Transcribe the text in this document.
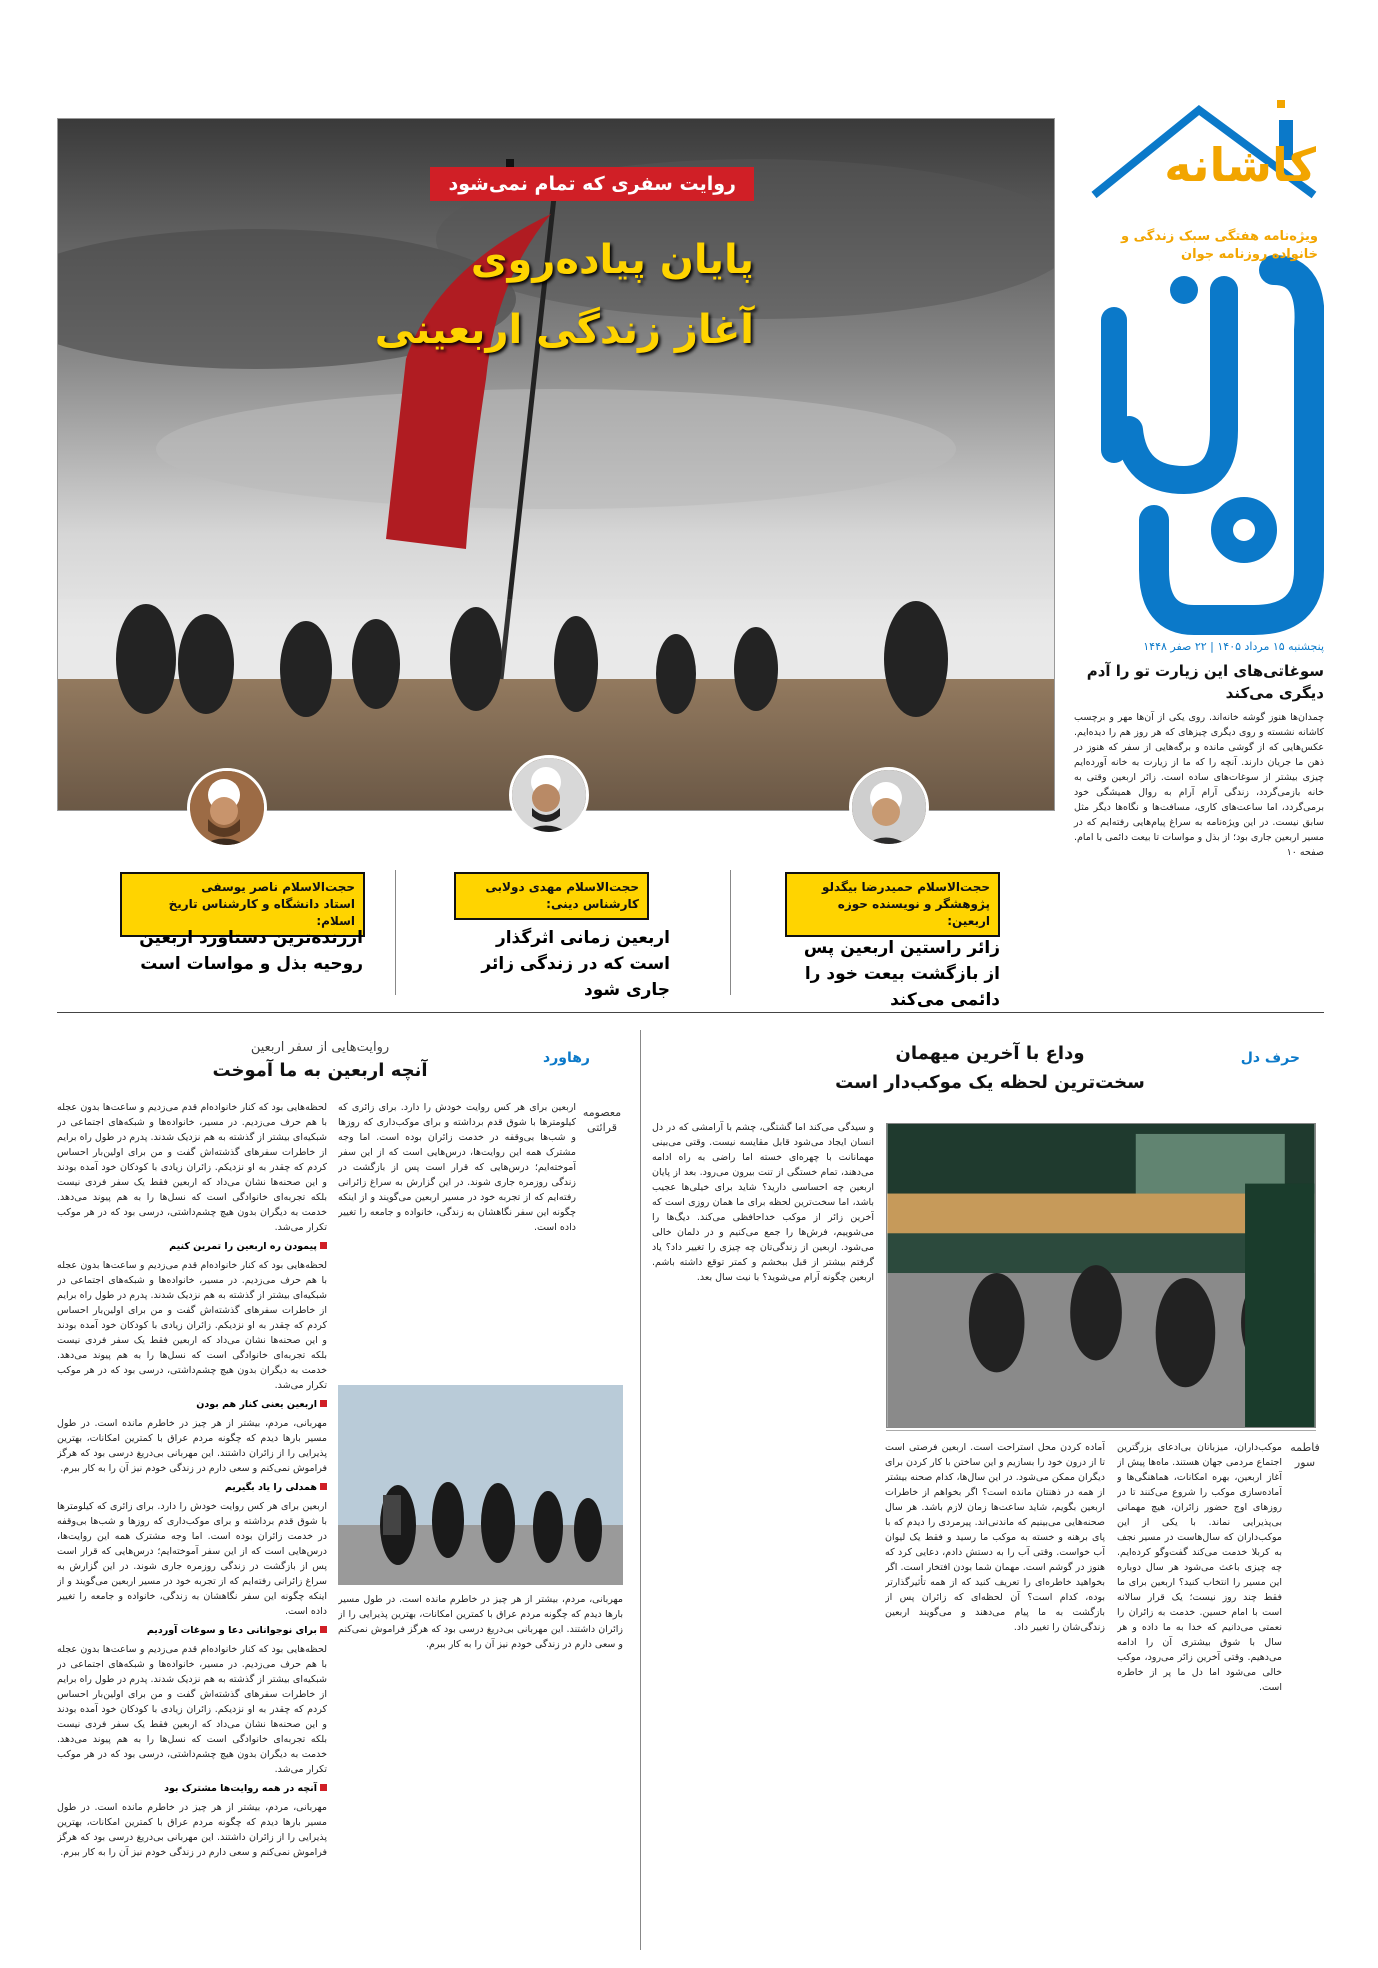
کاشانه
ویژه‌نامه هفتگی سبک زندگی و خانواده روزنامه جوان
پنجشنبه ۱۵ مرداد ۱۴۰۵ | ۲۲ صفر ۱۴۴۸
روایت سفری که تمام نمی‌شود
پایان پیاده‌روی
آغاز زندگی اربعینی
حجت‌الاسلام حمیدرضا بیگدلو
پژوهشگر و نویسنده حوزه اربعین:
حجت‌الاسلام مهدی دولابی
کارشناس دینی:
حجت‌الاسلام ناصر یوسفی
استاد دانشگاه و کارشناس تاریخ اسلام:
زائر راستین اربعین پس از بازگشت بیعت خود را دائمی می‌کند
اربعین زمانی اثرگذار است که در زندگی زائر جاری شود
ارزنده‌ترین دستاورد اربعین روحیه بذل و مواسات است
سوغاتی‌های این زیارت تو را آدم دیگری می‌کند
چمدان‌ها هنوز گوشه خانه‌اند. روی یکی از آن‌ها مهر و برچسب کاشانه نشسته و روی دیگری چیزهای که هر روز هم را دیده‌ایم. عکس‌هایی که از گوشی مانده و برگه‌هایی از سفر که هنوز در ذهن ما جریان دارند. آنچه را که ما از زیارت به خانه آورده‌ایم چیزی بیشتر از سوغات‌های ساده است. زائر اربعین وقتی به خانه بازمی‌گردد، زندگی آرام آرام به روال همیشگی خود برمی‌گردد، اما ساعت‌های کاری، مسافت‌ها و نگاه‌ها دیگر مثل سابق نیست. در این ویژه‌نامه به سراغ پیام‌هایی رفته‌ایم که در مسیر اربعین جاری بود؛ از بذل و مواسات تا بیعت دائمی با امام. صفحه ۱۰
حرف دل
وداع با آخرین میهمان
سخت‌ترین لحظه یک موکب‌دار است
فاطمه سور

موکب‌داران، میزبانان بی‌ادعای بزرگترین اجتماع مردمی جهان هستند. ماه‌ها پیش از آغاز اربعین، بهره امکانات، هماهنگی‌ها و آماده‌سازی موکب را شروع می‌کنند تا در روزهای اوج حضور زائران، هیچ مهمانی بی‌پذیرایی نماند. با یکی از این موکب‌داران که سال‌هاست در مسیر نجف به کربلا خدمت می‌کند گفت‌وگو کرده‌ایم. چه چیزی باعث می‌شود هر سال دوباره این مسیر را انتخاب کنید؟ اربعین برای ما فقط چند روز نیست؛ یک قرار سالانه است با امام حسین. خدمت به زائران را نعمتی می‌دانیم که خدا به ما داده و هر سال با شوق بیشتری آن را ادامه می‌دهیم. وقتی آخرین زائر می‌رود، موکب خالی می‌شود اما دل ما پر از خاطره است.

آماده کردن محل استراحت است. اربعین فرصتی است تا از درون خود را بسازیم و این ساختن با کار کردن برای دیگران ممکن می‌شود. در این سال‌ها، کدام صحنه بیشتر از همه در ذهنتان مانده است؟ اگر بخواهم از خاطرات اربعین بگویم، شاید ساعت‌ها زمان لازم باشد. هر سال صحنه‌هایی می‌بینیم که ماندنی‌اند. پیرمردی را دیدم که با پای برهنه و خسته به موکب ما رسید و فقط یک لیوان آب خواست. وقتی آب را به دستش دادم، دعایی کرد که هنوز در گوشم است. مهمان شما بودن افتخار است. اگر بخواهید خاطره‌ای را تعریف کنید که از همه تأثیرگذارتر بوده، کدام است؟ آن لحظه‌ای که زائران پس از بازگشت به ما پیام می‌دهند و می‌گویند اربعین زندگی‌شان را تغییر داد.

و سیدگی می‌کند اما گشتگی، چشم با آرامشی که در دل انسان ایجاد می‌شود قابل مقایسه نیست. وقتی می‌بینی مهمانانت با چهره‌ای خسته اما راضی به راه ادامه می‌دهند، تمام خستگی از تنت بیرون می‌رود. بعد از پایان اربعین چه احساسی دارید؟ شاید برای خیلی‌ها عجیب باشد، اما سخت‌ترین لحظه برای ما همان روزی است که آخرین زائر از موکب خداحافظی می‌کند. دیگ‌ها را می‌شوییم، فرش‌ها را جمع می‌کنیم و در دلمان خالی می‌شود. اربعین از زندگی‌تان چه چیزی را تغییر داد؟ یاد گرفتم بیشتر از قبل ببخشم و کمتر توقع داشته باشم. اربعین چگونه آرام می‌شوید؟ با نیت سال بعد.

رهاورد
روایت‌هایی از سفر اربعین
آنچه اربعین به ما آموخت
معصومه قرائتی

اربعین برای هر کس روایت خودش را دارد. برای زائری که کیلومترها با شوق قدم برداشته و برای موکب‌داری که روزها و شب‌ها بی‌وقفه در خدمت زائران بوده است. اما وجه مشترک همه این روایت‌ها، درس‌هایی است که از این سفر آموخته‌ایم؛ درس‌هایی که قرار است پس از بازگشت در زندگی روزمره جاری شوند. در این گزارش به سراغ زائرانی رفته‌ایم که از تجربه خود در مسیر اربعین می‌گویند و از اینکه چگونه این سفر نگاهشان به زندگی، خانواده و جامعه را تغییر داده است.

مهربانی، مردم، بیشتر از هر چیز در خاطرم مانده است. در طول مسیر بارها دیدم که چگونه مردم عراق با کمترین امکانات، بهترین پذیرایی را از زائران داشتند. این مهربانی بی‌دریغ درسی بود که هرگز فراموش نمی‌کنم و سعی دارم در زندگی خودم نیز آن را به کار ببرم.

لحظه‌هایی بود که کنار خانواده‌ام قدم می‌زدیم و ساعت‌ها بدون عجله با هم حرف می‌زدیم. در مسیر، خانواده‌ها و شبکه‌های اجتماعی در شبکیه‌ای بیشتر از گذشته به هم نزدیک شدند. پدرم در طول راه برایم از خاطرات سفرهای گذشته‌اش گفت و من برای اولین‌بار احساس کردم که چقدر به او نزدیکم. زائران زیادی با کودکان خود آمده بودند و این صحنه‌ها نشان می‌داد که اربعین فقط یک سفر فردی نیست بلکه تجربه‌ای خانوادگی است که نسل‌ها را به هم پیوند می‌دهد. خدمت به دیگران بدون هیچ چشم‌داشتی، درسی بود که در هر موکب تکرار می‌شد.

پیمودن ره اربعین را تمرین کنیم

لحظه‌هایی بود که کنار خانواده‌ام قدم می‌زدیم و ساعت‌ها بدون عجله با هم حرف می‌زدیم. در مسیر، خانواده‌ها و شبکه‌های اجتماعی در شبکیه‌ای بیشتر از گذشته به هم نزدیک شدند. پدرم در طول راه برایم از خاطرات سفرهای گذشته‌اش گفت و من برای اولین‌بار احساس کردم که چقدر به او نزدیکم. زائران زیادی با کودکان خود آمده بودند و این صحنه‌ها نشان می‌داد که اربعین فقط یک سفر فردی نیست بلکه تجربه‌ای خانوادگی است که نسل‌ها را به هم پیوند می‌دهد. خدمت به دیگران بدون هیچ چشم‌داشتی، درسی بود که در هر موکب تکرار می‌شد.

اربعین یعنی کنار هم بودن

مهربانی، مردم، بیشتر از هر چیز در خاطرم مانده است. در طول مسیر بارها دیدم که چگونه مردم عراق با کمترین امکانات، بهترین پذیرایی را از زائران داشتند. این مهربانی بی‌دریغ درسی بود که هرگز فراموش نمی‌کنم و سعی دارم در زندگی خودم نیز آن را به کار ببرم.

همدلی را یاد بگیریم

اربعین برای هر کس روایت خودش را دارد. برای زائری که کیلومترها با شوق قدم برداشته و برای موکب‌داری که روزها و شب‌ها بی‌وقفه در خدمت زائران بوده است. اما وجه مشترک همه این روایت‌ها، درس‌هایی است که از این سفر آموخته‌ایم؛ درس‌هایی که قرار است پس از بازگشت در زندگی روزمره جاری شوند. در این گزارش به سراغ زائرانی رفته‌ایم که از تجربه خود در مسیر اربعین می‌گویند و از اینکه چگونه این سفر نگاهشان به زندگی، خانواده و جامعه را تغییر داده است.

برای نوجوانانی دعا و سوغات آوردیم

لحظه‌هایی بود که کنار خانواده‌ام قدم می‌زدیم و ساعت‌ها بدون عجله با هم حرف می‌زدیم. در مسیر، خانواده‌ها و شبکه‌های اجتماعی در شبکیه‌ای بیشتر از گذشته به هم نزدیک شدند. پدرم در طول راه برایم از خاطرات سفرهای گذشته‌اش گفت و من برای اولین‌بار احساس کردم که چقدر به او نزدیکم. زائران زیادی با کودکان خود آمده بودند و این صحنه‌ها نشان می‌داد که اربعین فقط یک سفر فردی نیست بلکه تجربه‌ای خانوادگی است که نسل‌ها را به هم پیوند می‌دهد. خدمت به دیگران بدون هیچ چشم‌داشتی، درسی بود که در هر موکب تکرار می‌شد.

آنچه در همه روایت‌ها مشترک بود

مهربانی، مردم، بیشتر از هر چیز در خاطرم مانده است. در طول مسیر بارها دیدم که چگونه مردم عراق با کمترین امکانات، بهترین پذیرایی را از زائران داشتند. این مهربانی بی‌دریغ درسی بود که هرگز فراموش نمی‌کنم و سعی دارم در زندگی خودم نیز آن را به کار ببرم.
